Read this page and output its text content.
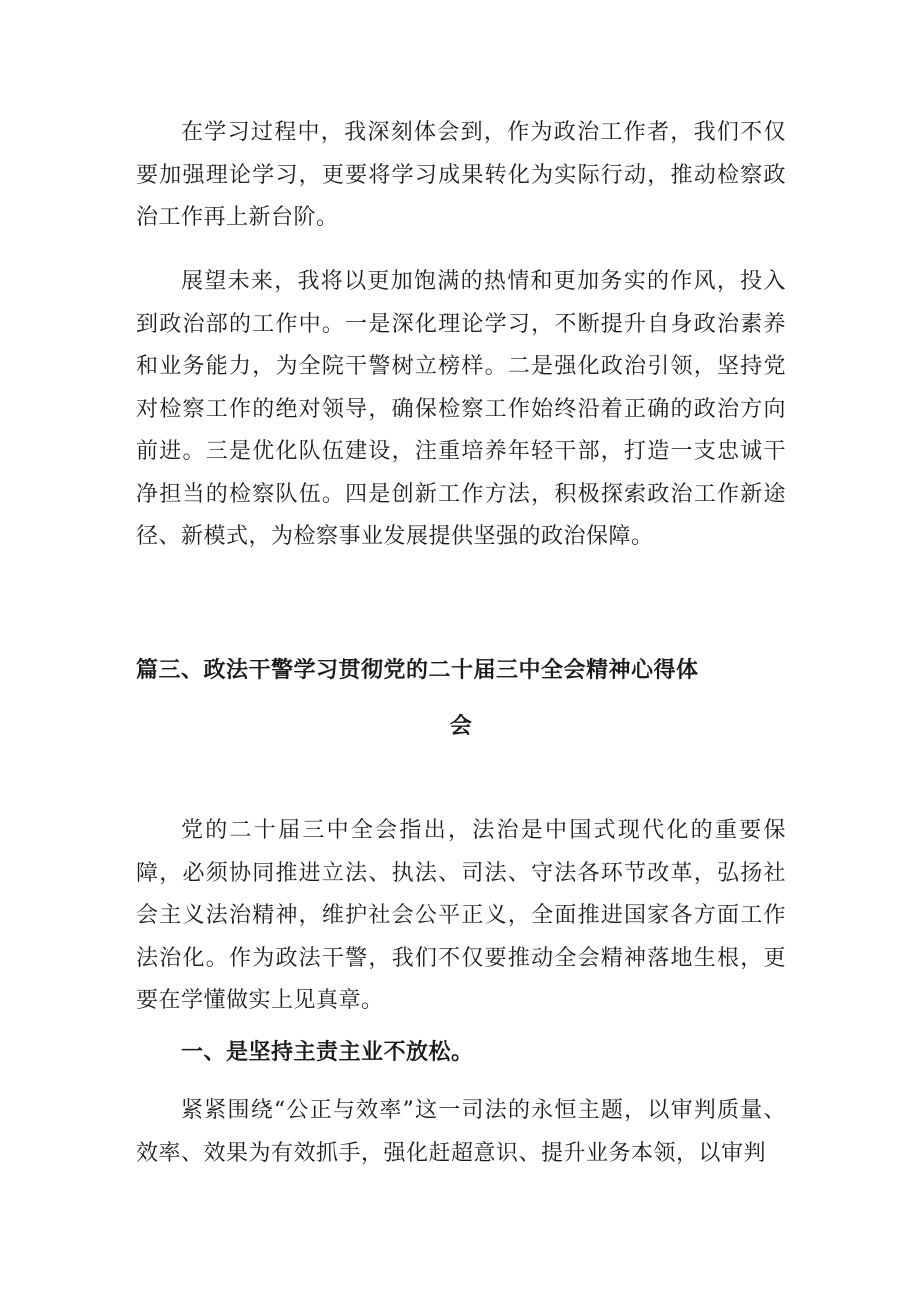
在学习过程中，我深刻体会到，作为政治工作者，我们不仅要加强理论学习，更要将学习成果转化为实际行动，推动检察政治工作再上新台阶。

展望未来，我将以更加饱满的热情和更加务实的作风，投入到政治部的工作中。一是深化理论学习，不断提升自身政治素养和业务能力，为全院干警树立榜样。二是强化政治引领，坚持党对检察工作的绝对领导，确保检察工作始终沿着正确的政治方向前进。三是优化队伍建设，注重培养年轻干部，打造一支忠诚干净担当的检察队伍。四是创新工作方法，积极探索政治工作新途径、新模式，为检察事业发展提供坚强的政治保障。

篇三、政法干警学习贯彻党的二十届三中全会精神心得体
会

党的二十届三中全会指出，法治是中国式现代化的重要保障，必须协同推进立法、执法、司法、守法各环节改革，弘扬社会主义法治精神，维护社会公平正义，全面推进国家各方面工作法治化。作为政法干警，我们不仅要推动全会精神落地生根，更要在学懂做实上见真章。

一、是坚持主责主业不放松。

紧紧围绕“公正与效率”这一司法的永恒主题，以审判质量、效率、效果为有效抓手，强化赶超意识、提升业务本领，以审判
